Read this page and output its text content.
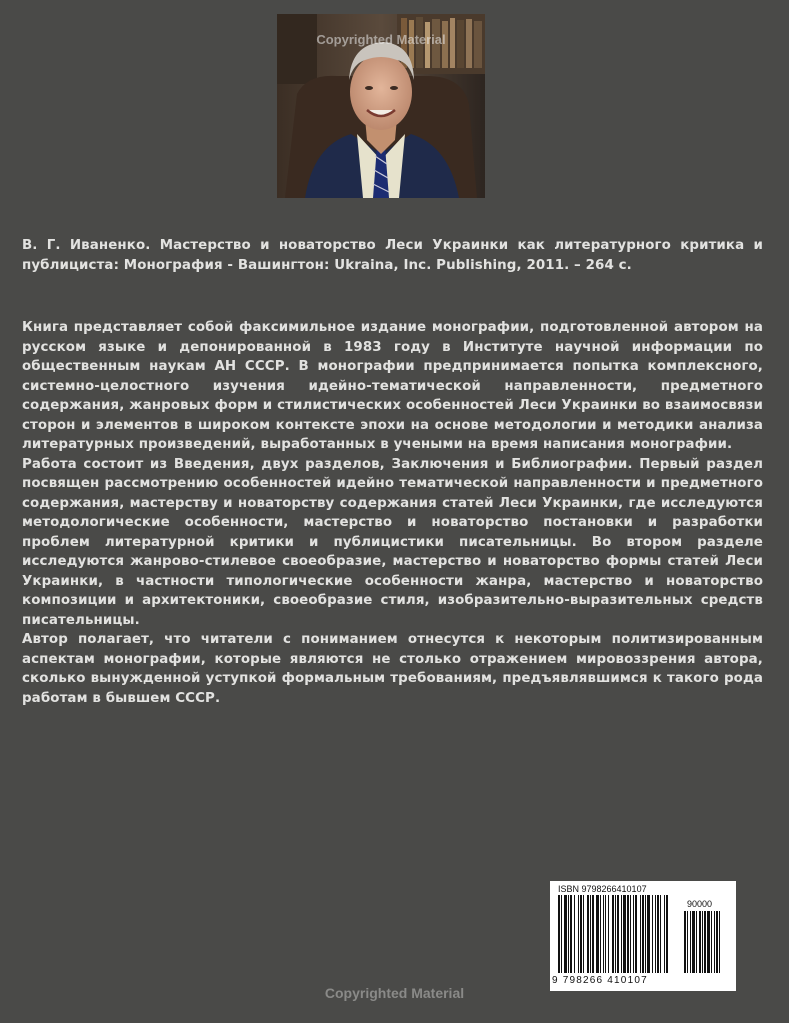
Copyrighted Material
В. Г. Иваненко. Мастерство и новаторство Леси Украинки как литературного критика и публициста: Монография - Вашингтон: Ukraina, Inc. Publishing, 2011. – 264 с.

Книга представляет собой факсимильное издание монографии, подготовленной автором на русском языке и депонированной в 1983 году в Институте научной информации по общественным наукам АН СССР. В монографии предпринимается попытка комплексного, системно-целостного изучения идейно-тематической направленности, предметного содержания, жанровых форм и стилистических особенностей Леси Украинки во взаимосвязи сторон и элементов в широком контексте эпохи на основе методологии и методики анализа литературных произведений, выработанных в учеными на время написания монографии.

Работа состоит из Введения, двух разделов, Заключения и Библиографии. Первый раздел посвящен рассмотрению особенностей идейно тематической направленности и предметного содержания, мастерству и новаторству содержания статей Леси Украинки, где исследуются методологические особенности, мастерство и новаторство постановки и разработки проблем литературной критики и публицистики писательницы. Во втором разделе исследуются жанрово-стилевое своеобразие, мастерство и новаторство формы статей Леси Украинки, в частности типологические особенности жанра, мастерство и новаторство композиции и архитектоники, своеобразие стиля, изобразительно-выразительных средств писательницы.

Автор полагает, что читатели с пониманием отнесутся к некоторым политизированным аспектам монографии, которые являются не столько отражением мировоззрения автора, сколько вынужденной уступкой формальным требованиям, предъявлявшимся к такого рода работам в бывшем СССР.

ISBN 9798266410107
90000
9 798266 410107
Copyrighted Material
